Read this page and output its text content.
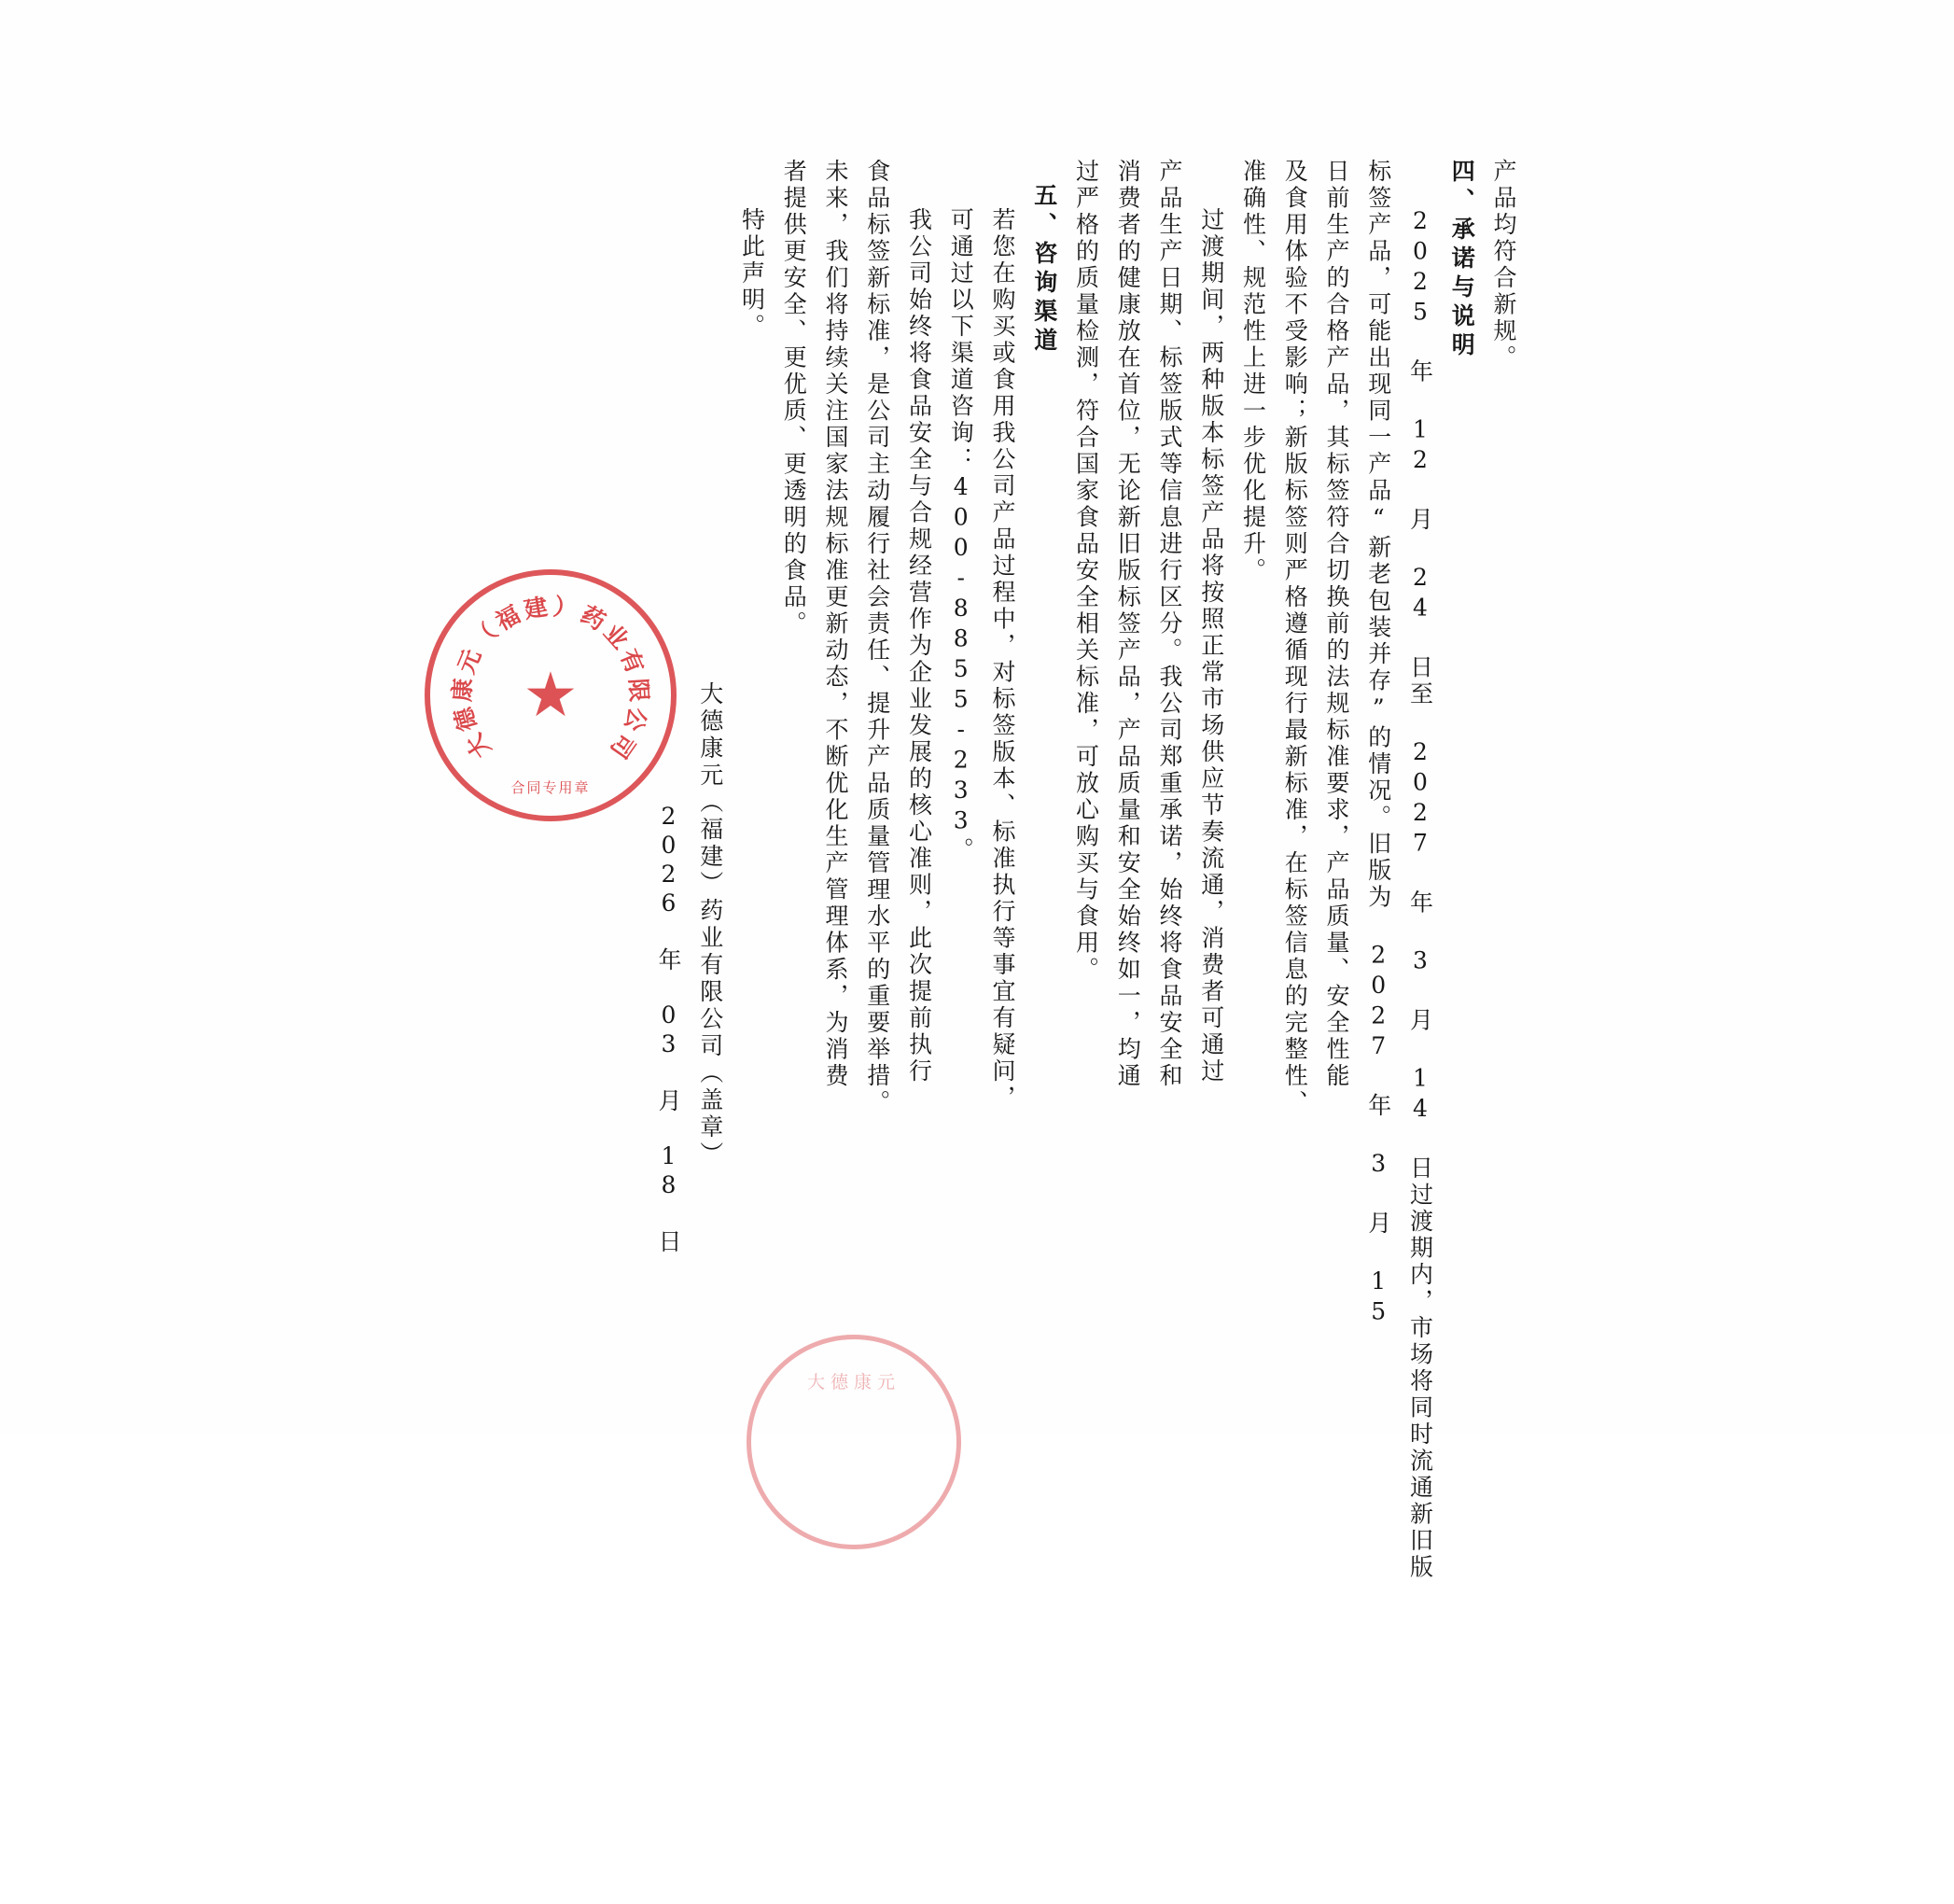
产品均符合新规。
四、承诺与说明
2025 年 12 月 24 日至 2027 年 3 月 14 日过渡期内，市场将同时流通新旧版
标签产品，可能出现同一产品“新老包装并存”的情况。旧版为 2027 年 3 月 15
日前生产的合格产品，其标签符合切换前的法规标准要求，产品质量、安全性能
及食用体验不受影响；新版标签则严格遵循现行最新标准，在标签信息的完整性、
准确性、规范性上进一步优化提升。
过渡期间，两种版本标签产品将按照正常市场供应节奏流通，消费者可通过
产品生产日期、标签版式等信息进行区分。我公司郑重承诺，始终将食品安全和
消费者的健康放在首位，无论新旧版标签产品，产品质量和安全始终如一，均通
过严格的质量检测，符合国家食品安全相关标准，可放心购买与食用。
五、咨询渠道
若您在购买或食用我公司产品过程中，对标签版本、标准执行等事宜有疑问，
可通过以下渠道咨询：400-8855-233。
我公司始终将食品安全与合规经营作为企业发展的核心准则，此次提前执行
食品标签新标准，是公司主动履行社会责任、提升产品质量管理水平的重要举措。
未来，我们将持续关注国家法规标准更新动态，不断优化生产管理体系，为消费
者提供更安全、更优质、更透明的食品。
特此声明。
大德康元（福建）药业有限公司（盖章）
2026 年 03 月 18 日
★
大
德
康
元
（
福
建 ）
药
业
有
限
公
司
合同专用章
大德康元
